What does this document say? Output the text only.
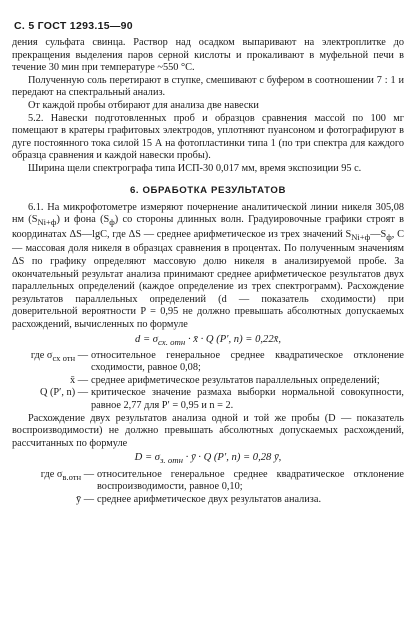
С. 5 ГОСТ 1293.15—90

дения сульфата свинца. Раствор над осадком выпаривают на электроплитке до прекращения выделения паров серной кислоты и прокаливают в муфельной печи в течение 30 мин при температуре ~550 °С.

Полученную соль перетирают в ступке, смешивают с буфером в соотношении 7 : 1 и передают на спектральный анализ.

От каждой пробы отбирают для анализа две навески

5.2. Навески подготовленных проб и образцов сравнения массой по 100 мг помещают в кратеры графитовых электродов, уплотняют пуансоном и фотографируют в дуге постоянного тока силой 15 А на фотопластинки типа 1 (по три спектра для каждого образца сравнения и каждой навески пробы).

Ширина щели спектрографа типа ИСП-30 0,017 мм, время экспозиции 95 с.

6. ОБРАБОТКА РЕЗУЛЬТАТОВ

6.1. На микрофотометре измеряют почернение аналитической линии никеля 305,08 нм $(S_{Ni+ф})$ и фона $(S_ф)$ со стороны длинных волн. Градуировочные графики строят в координатах ΔS—lgC, где ΔS — среднее арифметическое из трех значений $S_{Ni+ф}—S_ф$, C — массовая доля никеля в образцах сравнения в процентах. По полученным значениям ΔS по графику определяют массовую долю никеля в анализируемой пробе. За окончательный результат анализа принимают среднее арифметическое результатов двух параллельных определений (каждое определение из трех спектрограмм). Расхождение результатов параллельных определений (d — показатель сходимости) при доверительной вероятности P = 0,95 не должно превышать абсолютных допускаемых расхождений, вычисленных по формуле

$d = \sigma_{сх. отн}$ · x̄ · Q (P′, n) = 0,22x̄,
где $\sigma_{сх отн}$ — относительное генеральное среднее квадратическое отклонение сходимости, равное 0,08;
x̄ — среднее арифметическое результатов параллельных определений;
Q (P′, n) — критическое значение размаха выборки нормальной совокупности, равное 2,77 для P′ = 0,95 и n = 2.

Расхождение двух результатов анализа одной и той же пробы (D — показатель воспроизводимости) не должно превышать абсолютных допускаемых расхождений, рассчитанных по формуле

$D = \sigma_{з. отн}$ · ȳ · Q (P′, n) = 0,28 ȳ,
где $\sigma_{в.отн}$ — относительное генеральное среднее квадратическое отклонение воспроизводимости, равное 0,10;
ȳ — среднее арифметическое двух результатов анализа.
